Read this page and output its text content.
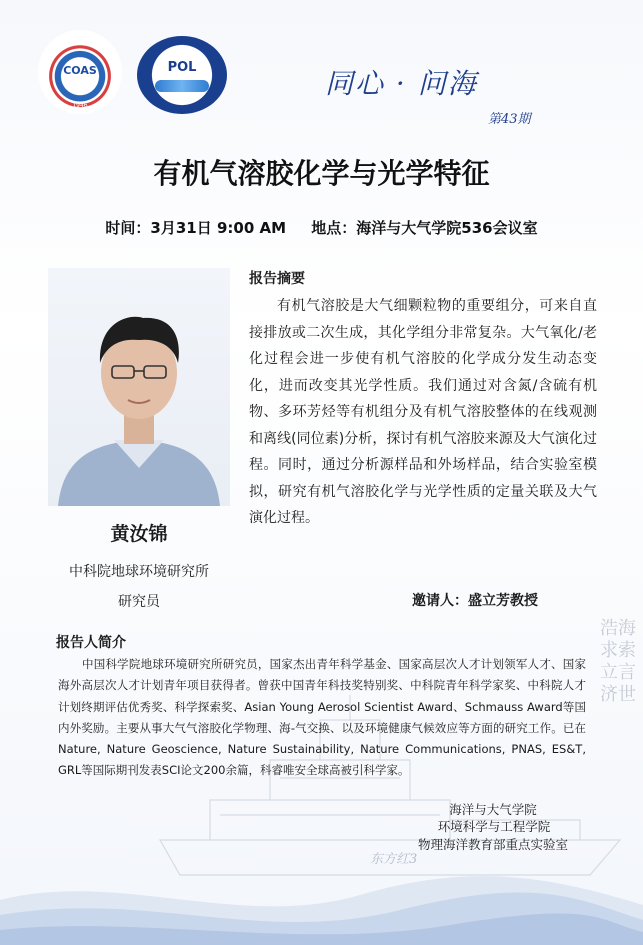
浩海求索 立言济世
东方红3
COAS
1946
POL	同心 · 问海
第43期
有机气溶胶化学与光学特征
时间：3月31日 9:00 AM 地点：海洋与大气学院536会议室
黄汝锦
中科院地球环境研究所
研究员
报告摘要
有机气溶胶是大气细颗粒物的重要组分，可来自直接排放或二次生成，其化学组分非常复杂。大气氧化/老化过程会进一步使有机气溶胶的化学成分发生动态变化，进而改变其光学性质。我们通过对含氮/含硫有机物、多环芳烃等有机组分及有机气溶胶整体的在线观测和离线(同位素)分析，探讨有机气溶胶来源及大气演化过程。同时，通过分析源样品和外场样品，结合实验室模拟，研究有机气溶胶化学与光学性质的定量关联及大气演化过程。
邀请人：盛立芳教授
报告人简介
中国科学院地球环境研究所研究员，国家杰出青年科学基金、国家高层次人才计划领军人才、国家海外高层次人才计划青年项目获得者。曾获中国青年科技奖特别奖、中科院青年科学家奖、中科院人才计划终期评估优秀奖、科学探索奖、Asian Young Aerosol Scientist Award、Schmauss Award等国内外奖励。主要从事大气气溶胶化学物理、海-气交换、以及环境健康气候效应等方面的研究工作。已在 Nature, Nature Geoscience, Nature Sustainability, Nature Communications, PNAS, ES&T, GRL等国际期刊发表SCI论文200余篇，科睿唯安全球高被引科学家。
海洋与大气学院
环境科学与工程学院
物理海洋教育部重点实验室
